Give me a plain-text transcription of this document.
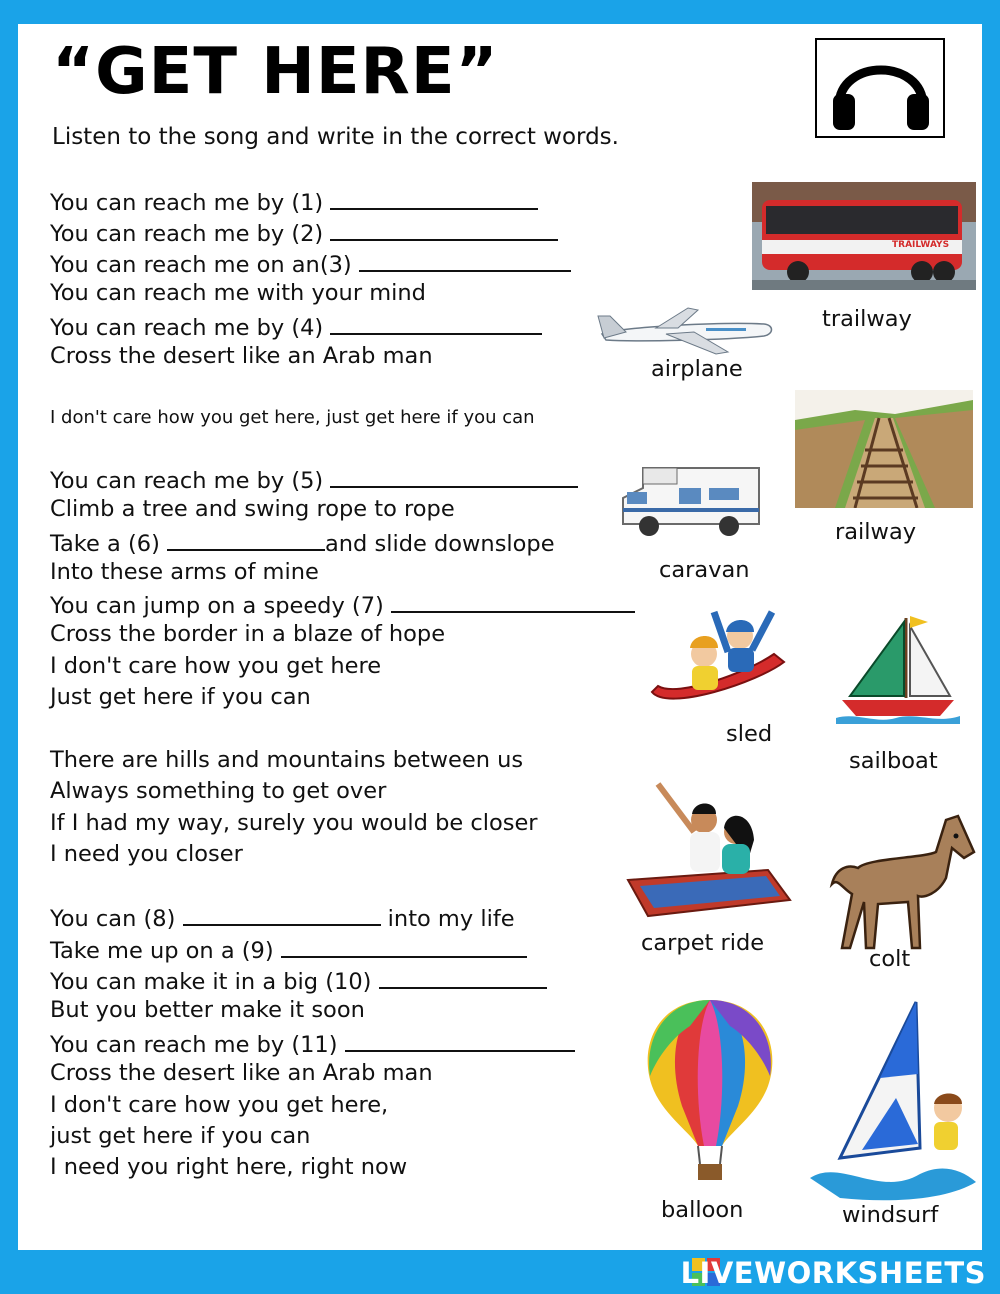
“GET HERE”
Listen to the song and write in the correct words.
You can reach me by (1)
You can reach me by (2)
You can reach me on an(3)
You can reach me with your mind
You can reach me by (4)
Cross the desert like an Arab man
I don't care how you get here, just get here if you can
You can reach me by (5)
Climb a tree and swing rope to rope
Take a (6)	and slide downslope
Into these arms of mine
You can jump on a speedy (7)
Cross the border in a blaze of hope
I don't care how you get here
Just get here if you can
There are hills and mountains between us
Always something to get over
If I had my way, surely you would be closer
I need you closer
You can (8)	into my life
Take me up on a (9)
You can make it in a big (10)
But you better make it soon
You can reach me by (11)
Cross the desert like an Arab man
I don't care how you get here,
just get here if you can
I need you right here, right now
TRAILWAYS
trailway
airplane
railway
caravan
sled
sailboat
carpet ride
colt
balloon	windsurf
LIVEWORKSHEETS
